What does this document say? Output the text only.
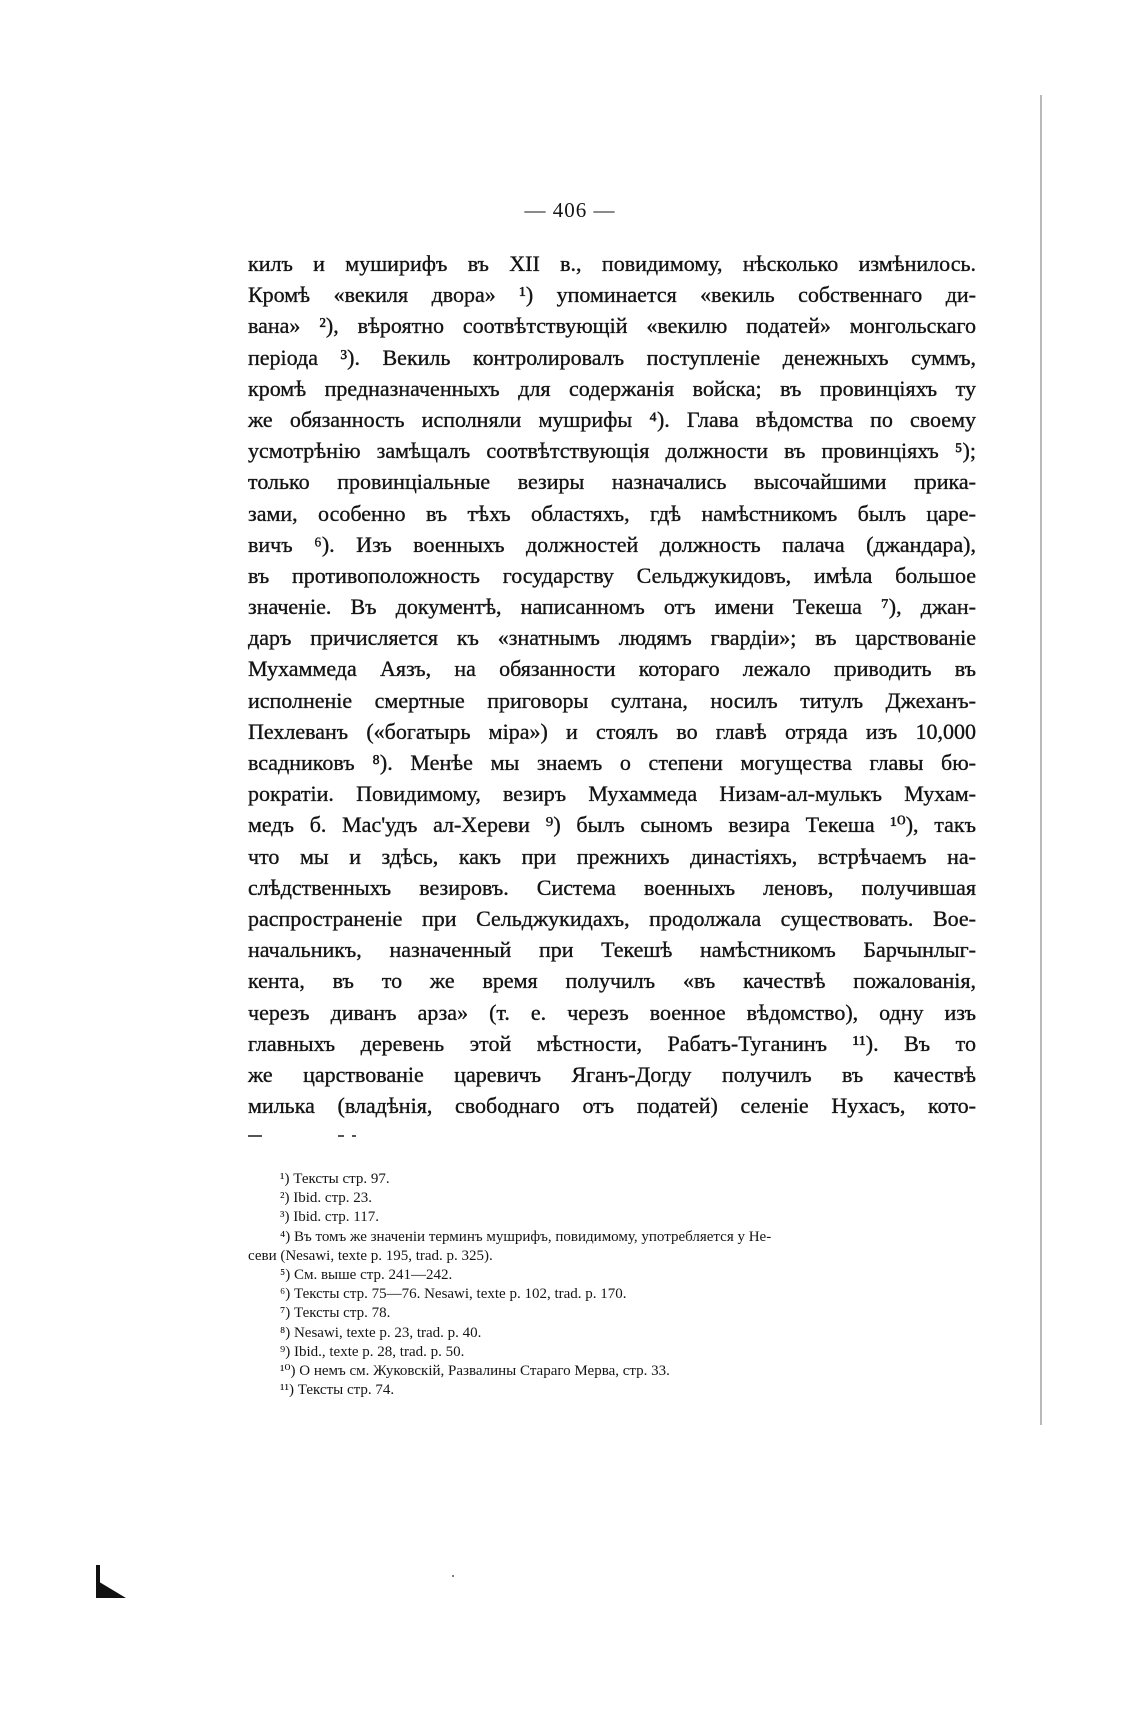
— 406 —
килъ и муширифъ въ XII в., повидимому, нѣсколько измѣнилось.
Кромѣ «векиля двора» ¹) упоминается «векиль собственнаго ди-
вана» ²), вѣроятно соотвѣтствующій «векилю податей» монгольскаго
періода ³). Векиль контролировалъ поступленіе денежныхъ суммъ,
кромѣ предназначенныхъ для содержанія войска; въ провинціяхъ ту
же обязанность исполняли мушрифы ⁴). Глава вѣдомства по своему
усмотрѣнію замѣщалъ соотвѣтствующія должности въ провинціяхъ ⁵);
только провинціальные везиры назначались высочайшими прика-
зами, особенно въ тѣхъ областяхъ, гдѣ намѣстникомъ былъ царе-
вичъ ⁶). Изъ военныхъ должностей должность палача (джандара),
въ противоположность государству Сельджукидовъ, имѣла большое
значеніе. Въ документѣ, написанномъ отъ имени Текеша ⁷), джан-
даръ причисляется къ «знатнымъ людямъ гвардіи»; въ царствованіе
Мухаммеда Аязъ, на обязанности котораго лежало приводить въ
исполненіе смертные приговоры султана, носилъ титулъ Джеханъ-
Пехлеванъ («богатырь міра») и стоялъ во главѣ отряда изъ 10,000
всадниковъ ⁸). Менѣе мы знаемъ о степени могущества главы бю-
рократіи. Повидимому, везиръ Мухаммеда Низам-ал-мулькъ Мухам-
медъ б. Мас'удъ ал-Хереви ⁹) былъ сыномъ везира Текеша ¹⁰), такъ
что мы и здѣсь, какъ при прежнихъ династіяхъ, встрѣчаемъ на-
слѣдственныхъ везировъ. Система военныхъ леновъ, получившая
распространеніе при Сельджукидахъ, продолжала существовать. Вое-
начальникъ, назначенный при Текешѣ намѣстникомъ Барчынлыг-
кента, въ то же время получилъ «въ качествѣ пожалованія,
черезъ диванъ арза» (т. е. черезъ военное вѣдомство), одну изъ
главныхъ деревень этой мѣстности, Рабатъ-Туганинъ ¹¹). Въ то
же царствованіе царевичъ Яганъ-Догду получилъ въ качествѣ
милька (владѣнія, свободнаго отъ податей) селеніе Нухасъ, кото-
¹) Тексты стр. 97.
²) Ibid. стр. 23.
³) Ibid. стр. 117.
⁴) Въ томъ же значеніи терминъ мушрифъ, повидимому, употребляется у Не-
севи (Nesawi, texte p. 195, trad. p. 325).
⁵) См. выше стр. 241—242.
⁶) Тексты стр. 75—76. Nesawi, texte p. 102, trad. p. 170.
⁷) Тексты стр. 78.
⁸) Nesawi, texte p. 23, trad. p. 40.
⁹) Ibid., texte p. 28, trad. p. 50.
¹⁰) О немъ см. Жуковскій, Развалины Стараго Мерва, стр. 33.
¹¹) Тексты стр. 74.
